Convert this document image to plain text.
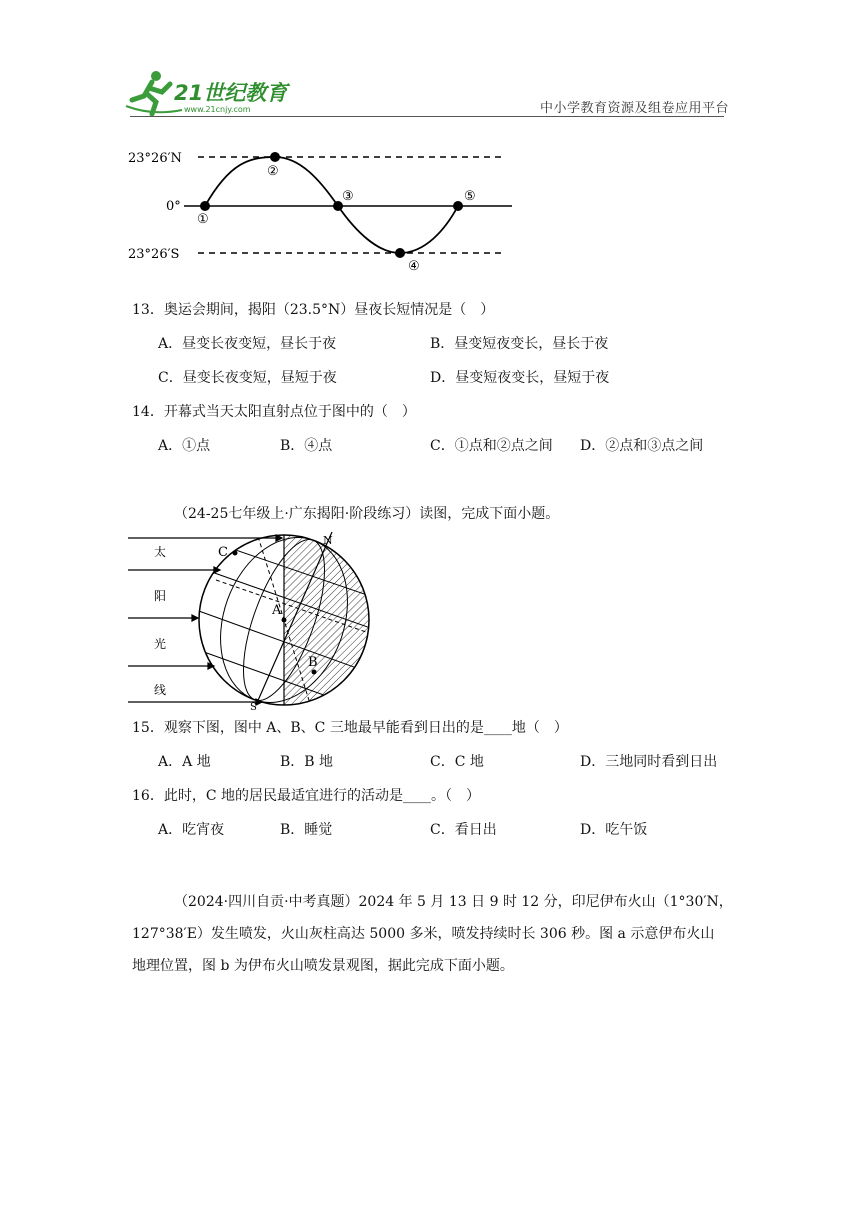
21世纪教育
www.21cnjy.com	中小学教育资源及组卷应用平台
23°26′N
0°
23°26′S
①
②
③
④
⑤
13．奥运会期间，揭阳（23.5°N）昼夜长短情况是（　）
A．昼变长夜变短，昼长于夜	B．昼变短夜变长，昼长于夜
C．昼变长夜变短，昼短于夜	D．昼变短夜变长，昼短于夜
14．开幕式当天太阳直射点位于图中的（　）
A．①点	B．④点	C．①点和②点之间 D．②点和③点之间
（24-25七年级上·广东揭阳·阶段练习）读图，完成下面小题。
太
阳
光
线
A
B
C
N
S
15．观察下图，图中 A、B、C 三地最早能看到日出的是____地（　）
A．A 地	B．B 地	C．C 地	D．三地同时看到日出
16．此时，C 地的居民最适宜进行的活动是____。（　）
A．吃宵夜	B．睡觉	C．看日出	D．吃午饭
（2024·四川自贡·中考真题）2024 年 5 月 13 日 9 时 12 分，印尼伊布火山（1°30′N，
127°38′E）发生喷发，火山灰柱高达 5000 多米，喷发持续时长 306 秒。图 a 示意伊布火山
地理位置，图 b 为伊布火山喷发景观图，据此完成下面小题。
